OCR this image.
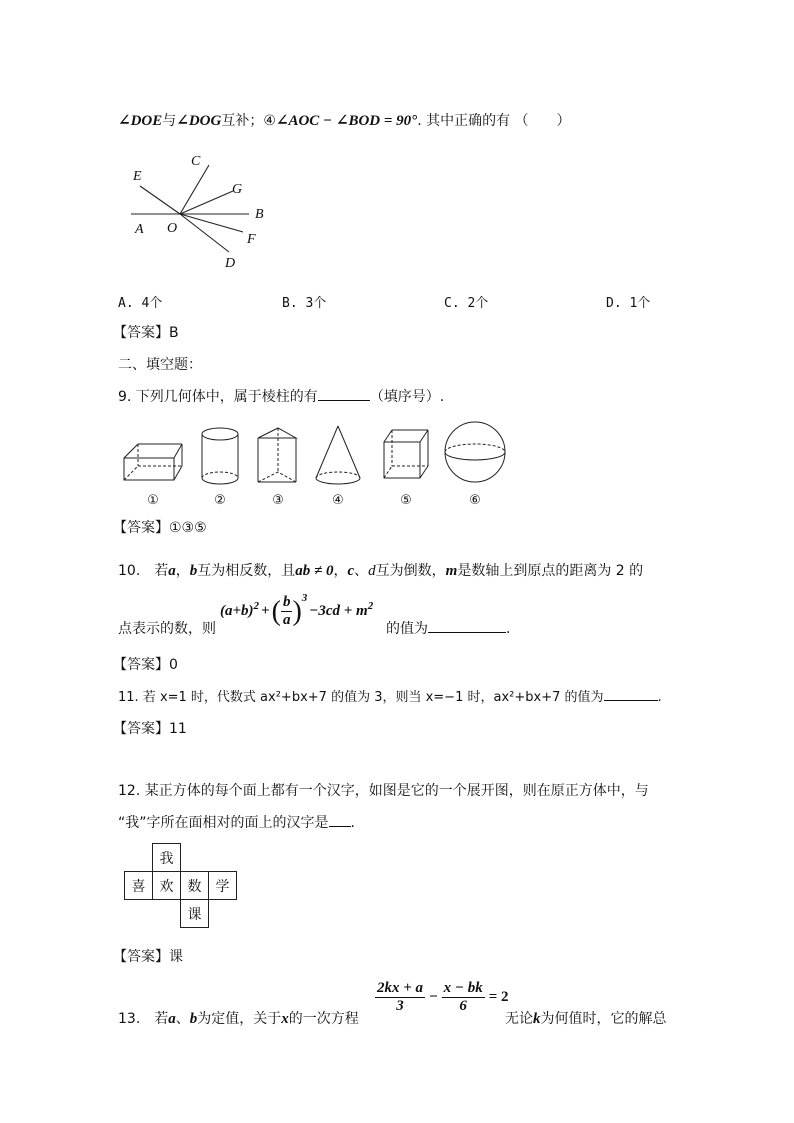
∠DOE与∠DOG互补；④∠AOC − ∠BOD = 90°. 其中正确的有 （　　）
E
C
G
B
A O
F
D
A. 4个	B. 3个	C. 2个	D. 1个
【答案】B
二、填空题：
9. 下列几何体中，属于棱柱的有	（填序号）.
①	②	③	④	⑤	⑥
【答案】①③⑤
10.　若a，b互为相反数，且ab ≠ 0，c、d互为倒数，m是数轴上到原点的距离为 2 的
点表示的数，则
$(a+b)^2$ + ( $\frac{b}{a} )^3$
$-3cd + m^2$
的值为	.
【答案】0
11. 若 x=1 时，代数式 ax²+bx+7 的值为 3，则当 x=−1 时，ax²+bx+7 的值为	.
【答案】11
12. 某正方体的每个面上都有一个汉字，如图是它的一个展开图，则在原正方体中，与
“我”字所在面相对的面上的汉字是 .
	我		
喜	欢	数	学
		课	
【答案】课
$\frac{2kx + a}{3} - \frac{x - bk}{6} = 2$
13.　若a、b为定值，关于x的一次方程	无论k为何值时，它的解总
